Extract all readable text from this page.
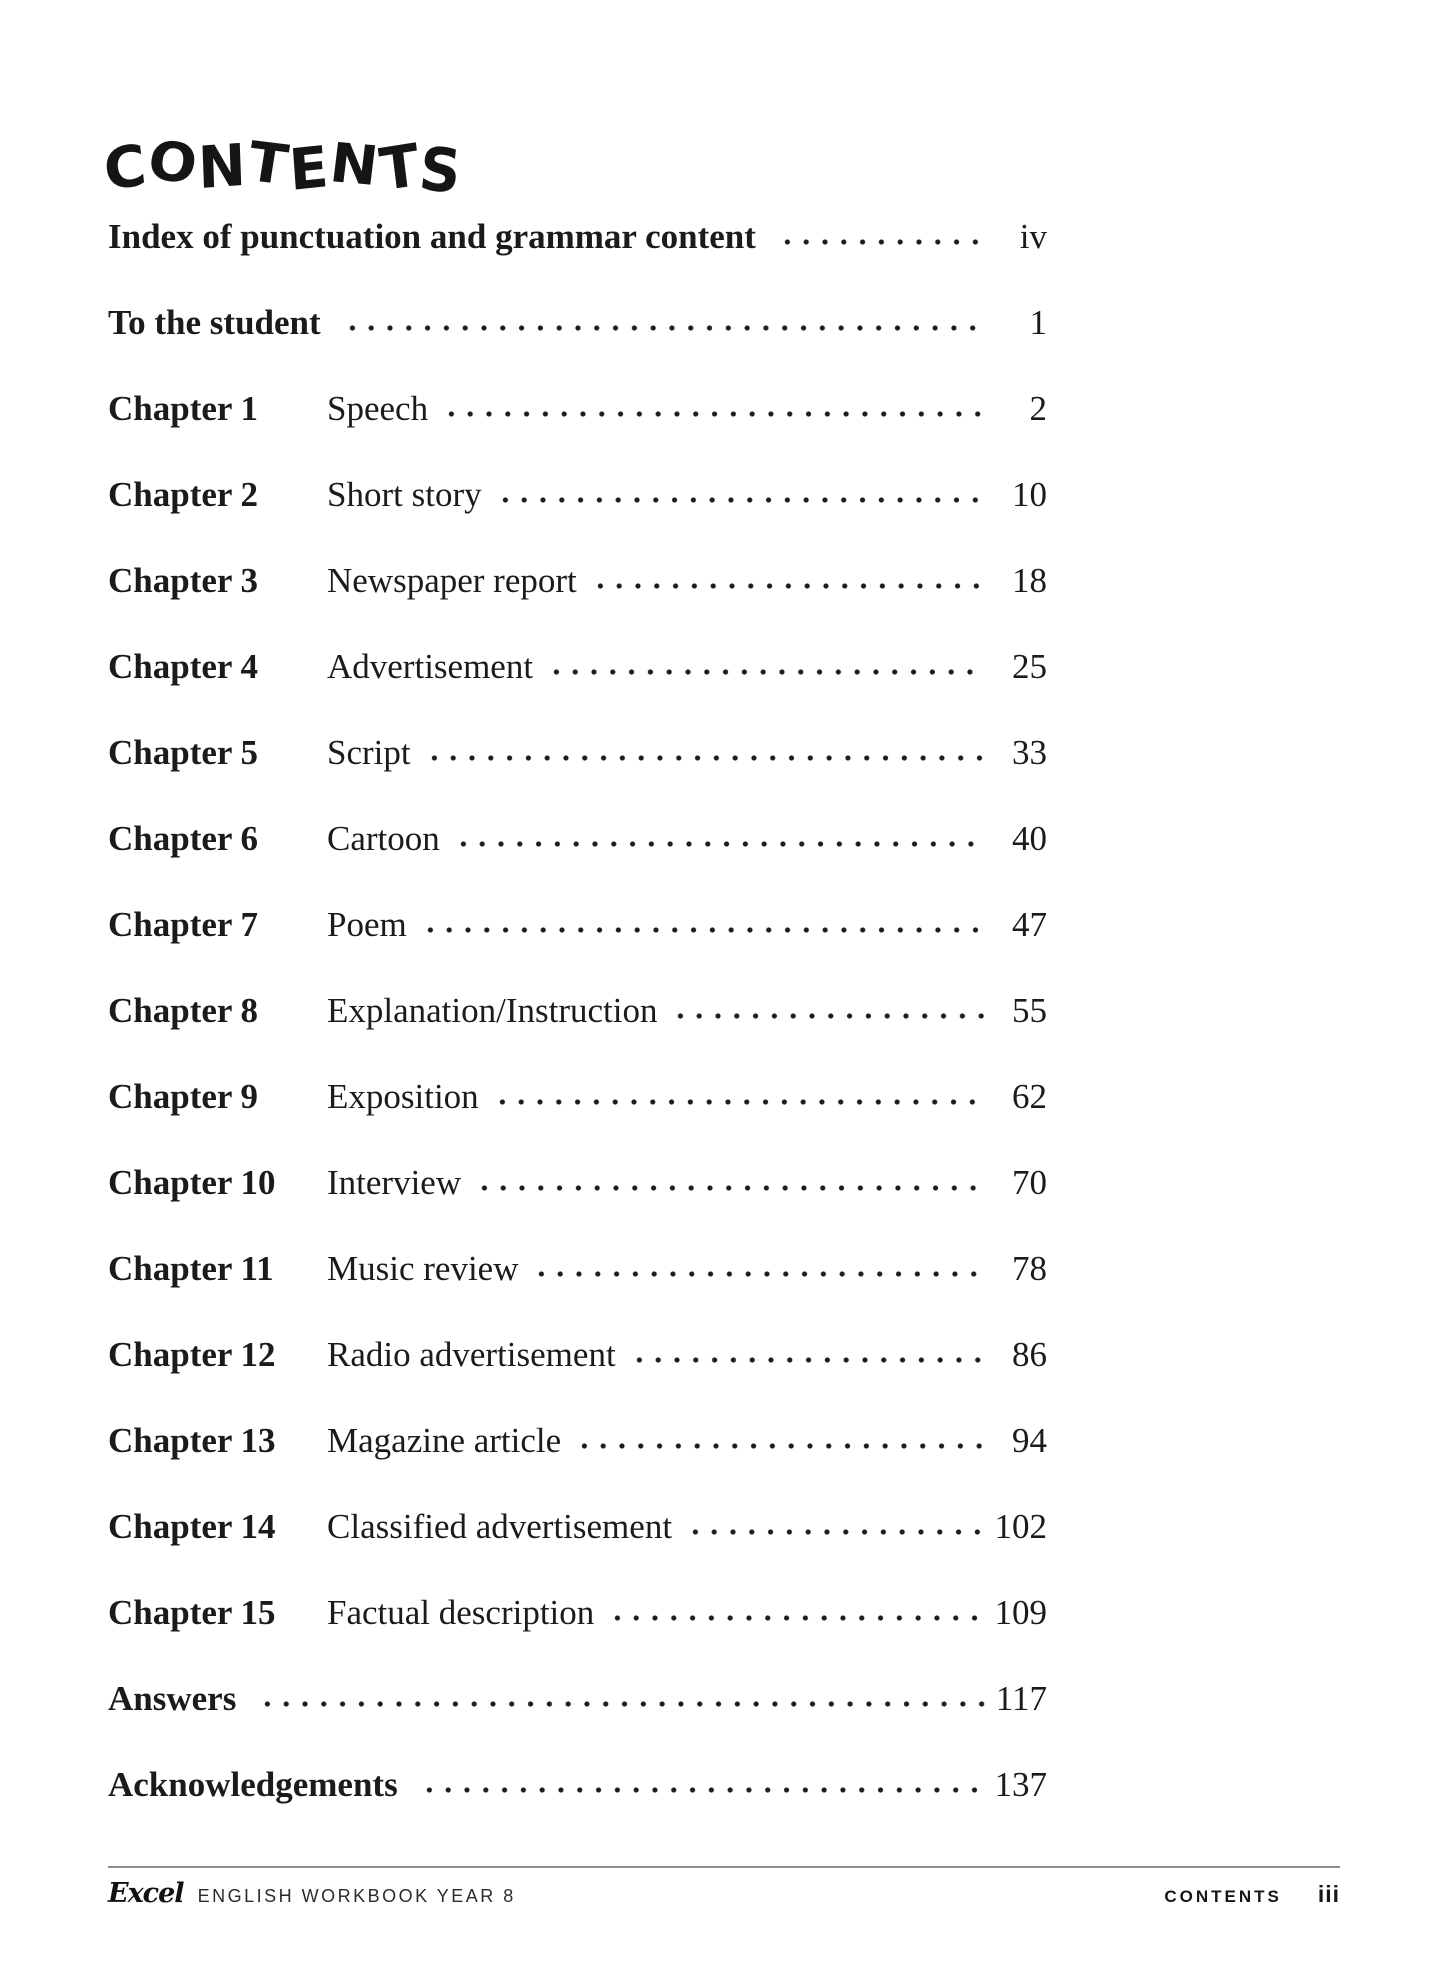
CONTENTS
Index of punctuation and grammar content	iv
To the student	1
Chapter 1	Speech	2
Chapter 2	Short story	10
Chapter 3	Newspaper report	18
Chapter 4	Advertisement	25
Chapter 5	Script	33
Chapter 6	Cartoon	40
Chapter 7	Poem	47
Chapter 8	Explanation/Instruction	55
Chapter 9	Exposition	62
Chapter 10	Interview	70
Chapter 11	Music review	78
Chapter 12	Radio advertisement	86
Chapter 13	Magazine article	94
Chapter 14	Classified advertisement	102
Chapter 15	Factual description	109
Answers	117
Acknowledgements	137
Excel ENGLISH WORKBOOK YEAR 8	CONTENTS iii
